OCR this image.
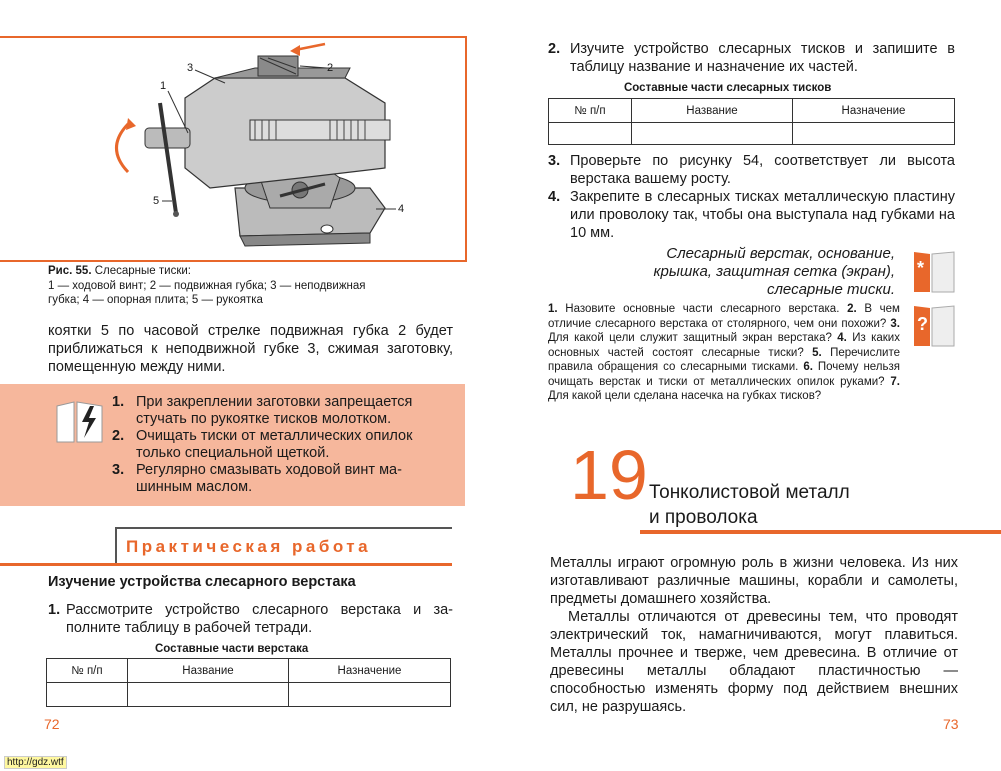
3	2
1
5
4
Рис. 55. Слесарные тиски:
1 — ходовой винт; 2 — подвижная губка; 3 — неподвижная
губка; 4 — опорная плита; 5 — рукоятка
коятки 5 по часовой стрелке подвижная губка 2 будет приближаться к неподвижной губке 3, сжимая заготовку, помещенную между ними.
1. При закреплении заготовки запрещается стучать по рукоятке тисков молотком.
2. Очищать тиски от металлических опилок только специальной щеткой.
3. Регулярно смазывать ходовой винт машинным маслом.
Практическая работа
Изучение устройства слесарного верстака
1. Рассмотрите устройство слесарного верстака и заполните таблицу в рабочей тетради.
Составные части верстака
№ п/п	Название	Назначение

72
http://gdz.wtf
2. Изучите устройство слесарных тисков и запишите в таблицу название и назначение их частей.
Составные части слесарных тисков
№ п/п	Название	Назначение

3. Проверьте по рисунку 54, соответствует ли высота верстака вашему росту.
4. Закрепите в слесарных тисках металлическую пластину или проволоку так, чтобы она выступала над губками на 10 мм.
Слесарный верстак, основание,
крышка, защитная сетка (экран),
слесарные тиски.
*
?
1. Назовите основные части слесарного верстака. 2. В чем отличие слесарного верстака от столярного, чем они похожи? 3. Для какой цели служит защитный экран верстака? 4. Из каких основных частей состоят слесарные тиски? 5. Перечислите правила обращения со слесарными тисками. 6. Почему нельзя очищать верстак и тиски от металлических опилок руками? 7. Для какой цели сделана насечка на губках тисков?
19 Тонколистовой металл
и проволока
Металлы играют огромную роль в жизни человека. Из них изготавливают различные машины, корабли и самолеты, предметы домашнего хозяйства.
Металлы отличаются от древесины тем, что проводят электрический ток, намагничиваются, могут плавиться. Металлы прочнее и тверже, чем древесина. В отличие от древесины металлы обладают пластичностью — способностью изменять форму под действием внешних сил, не разрушаясь.
73
